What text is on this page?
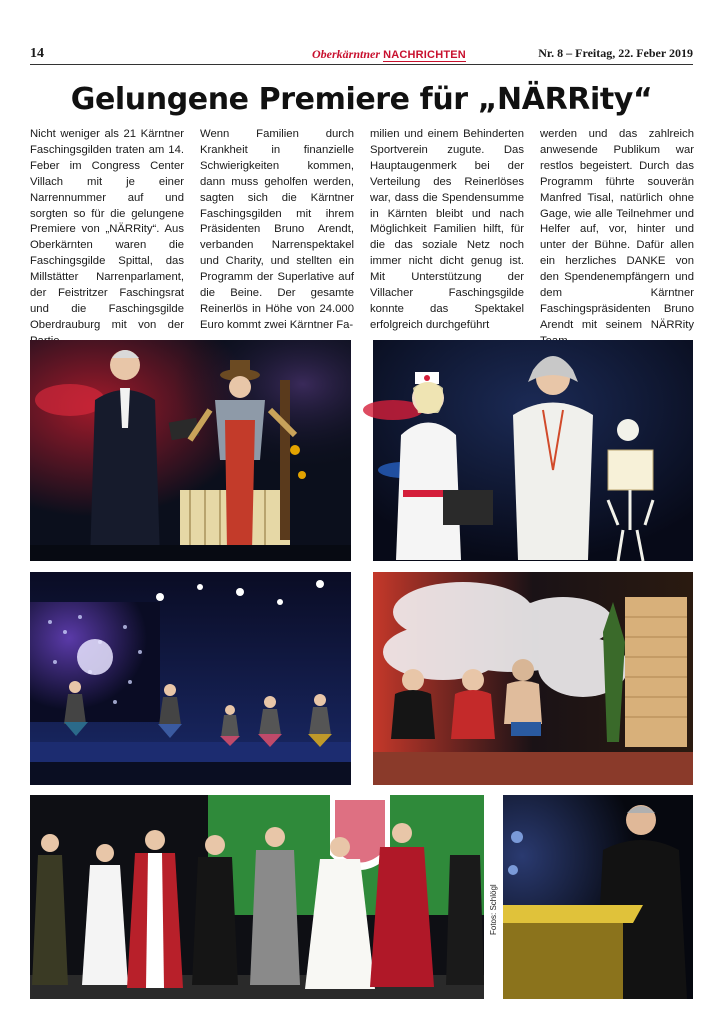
14	Oberkärntner NACHRICHTEN	Nr. 8 – Freitag, 22. Feber 2019
Gelungene Premiere für „NÄRRity“
Nicht weniger als 21 Kärntner Faschingsgilden traten am 14. Feber im Congress Center Villach mit je einer Narrennummer auf und sorgten so für die gelungene Premiere von „NÄRRity“. Aus Oberkärnten waren die Faschingsgilde Spittal, das Millstätter Narrenparlament, der Feistritzer Faschingsrat und die Faschingsgilde Oberdrauburg mit von der
Wenn Familien durch Krankheit in finanzielle Schwierigkeiten kommen, dann muss geholfen werden, sagten sich die Kärntner Faschingsgilden mit ihrem Präsidenten Bruno Arendt, verbanden Narrenspektakel und Charity, und stellten ein Programm der Superlative auf die Beine. Der gesamte Reinerlös in Höhe von 24.000 Euro kommt zwei Kärntner Fa-
milien und einem Behinderten Sportverein zugute. Das Hauptaugenmerk bei der Verteilung des Reinerlöses war, dass die Spendensumme in Kärnten bleibt und nach Möglichkeit Familien hilft, für die das soziale Netz noch immer nicht dicht genug ist. Mit Unterstützung der Villacher Faschingsgilde konnte das Spektakel erfolgreich durchgeführt
werden und das zahlreich anwesende Publikum war restlos begeistert. Durch das Programm führte souverän Manfred Tisal, natürlich ohne Gage, wie alle Teilnehmer und Helfer auf, vor, hinter und unter der Bühne. Dafür allen ein herzliches DANKE von den Spendenempfängern und dem Kärntner Faschingspräsidenten Bruno Arendt mit seinem NÄRRity
Fotos: Schlögl
